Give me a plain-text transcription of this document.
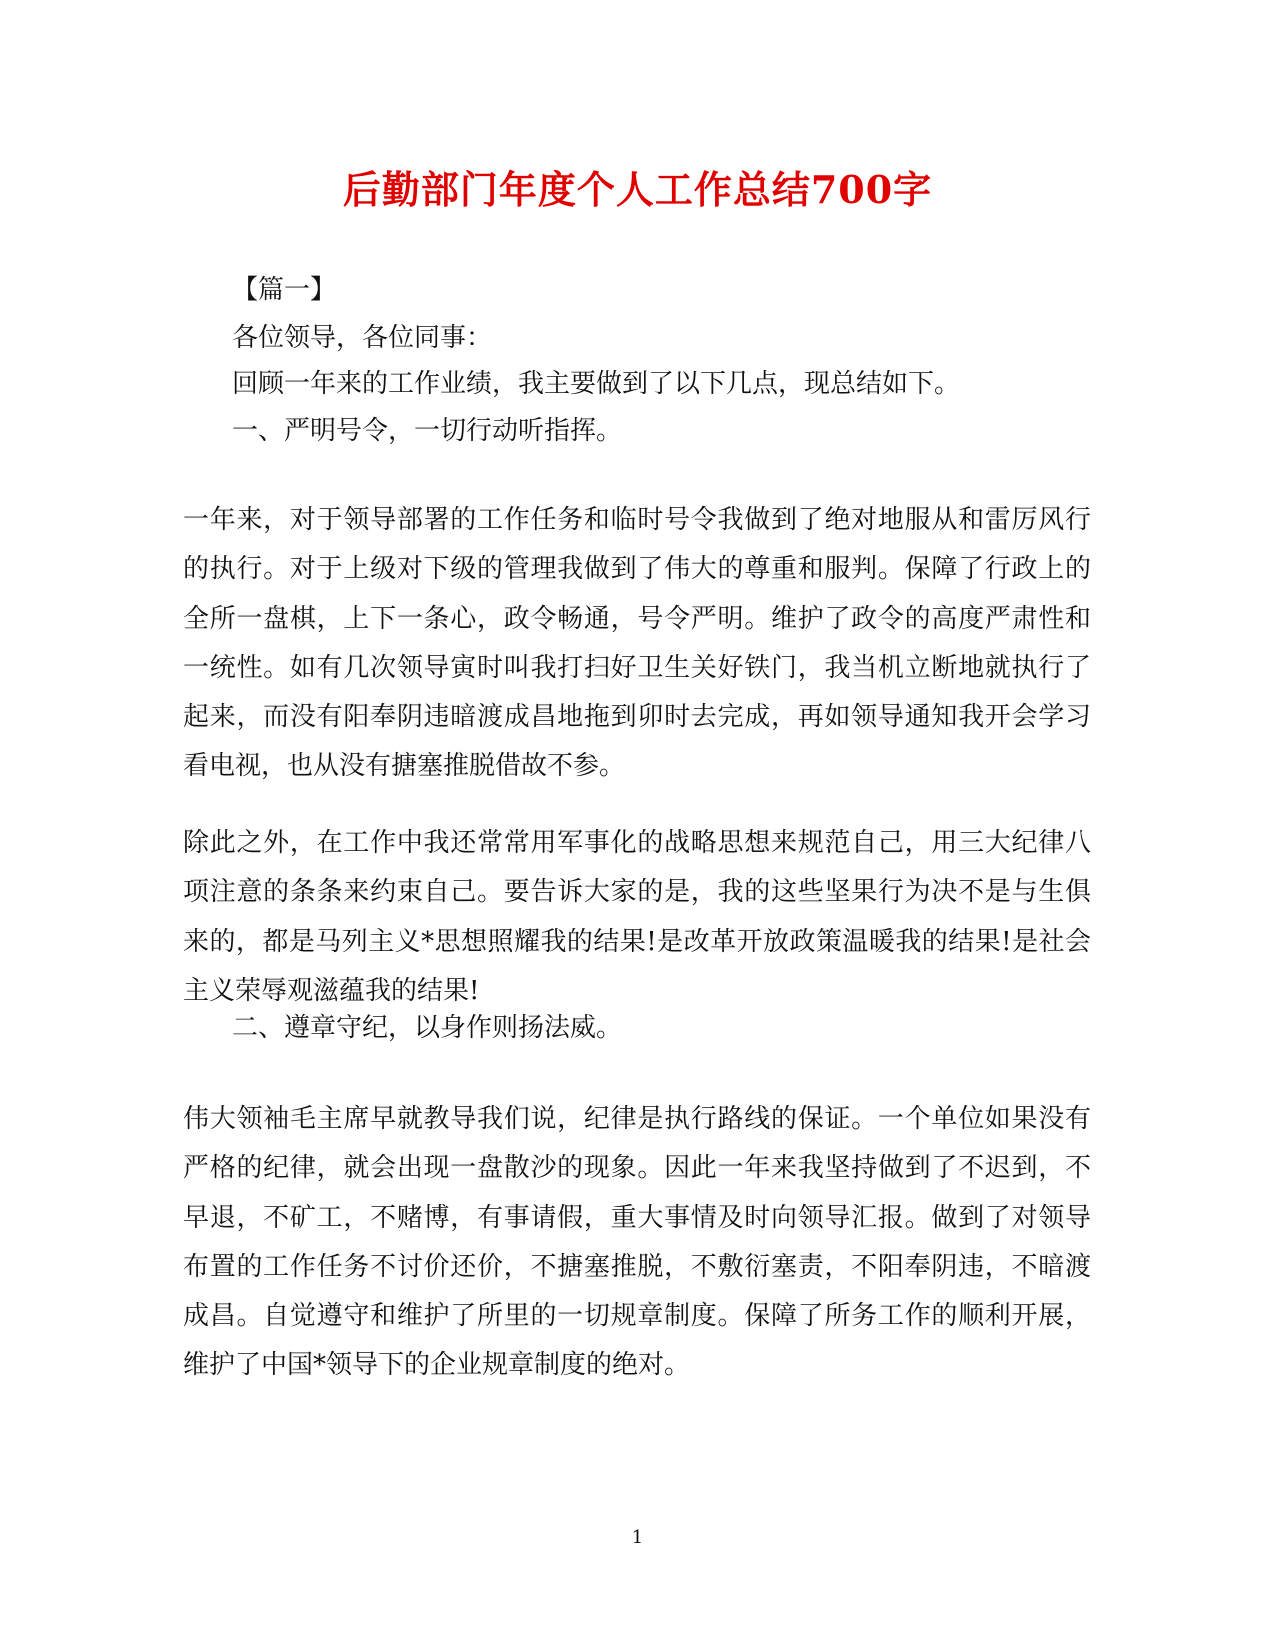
后勤部门年度个人工作总结700字
【篇一】
各位领导，各位同事：
回顾一年来的工作业绩，我主要做到了以下几点，现总结如下。
一、严明号令，一切行动听指挥。
一年来，对于领导部署的工作任务和临时号令我做到了绝对地服从和雷厉风行的执行。对于上级对下级的管理我做到了伟大的尊重和服判。保障了行政上的全所一盘棋，上下一条心，政令畅通，号令严明。维护了政令的高度严肃性和一统性。如有几次领导寅时叫我打扫好卫生关好铁门，我当机立断地就执行了起来，而没有阳奉阴违暗渡成昌地拖到卯时去完成，再如领导通知我开会学习看电视，也从没有搪塞推脱借故不参。
除此之外，在工作中我还常常用军事化的战略思想来规范自己，用三大纪律八项注意的条条来约束自己。要告诉大家的是，我的这些坚果行为决不是与生俱来的，都是马列主义*思想照耀我的结果!是改革开放政策温暖我的结果!是社会主义荣辱观滋蕴我的结果!
二、遵章守纪，以身作则扬法威。
伟大领袖毛主席早就教导我们说，纪律是执行路线的保证。一个单位如果没有严格的纪律，就会出现一盘散沙的现象。因此一年来我坚持做到了不迟到，不早退，不矿工，不赌博，有事请假，重大事情及时向领导汇报。做到了对领导布置的工作任务不讨价还价，不搪塞推脱，不敷衍塞责，不阳奉阴违，不暗渡成昌。自觉遵守和维护了所里的一切规章制度。保障了所务工作的顺利开展，维护了中国*领导下的企业规章制度的绝对。
1
